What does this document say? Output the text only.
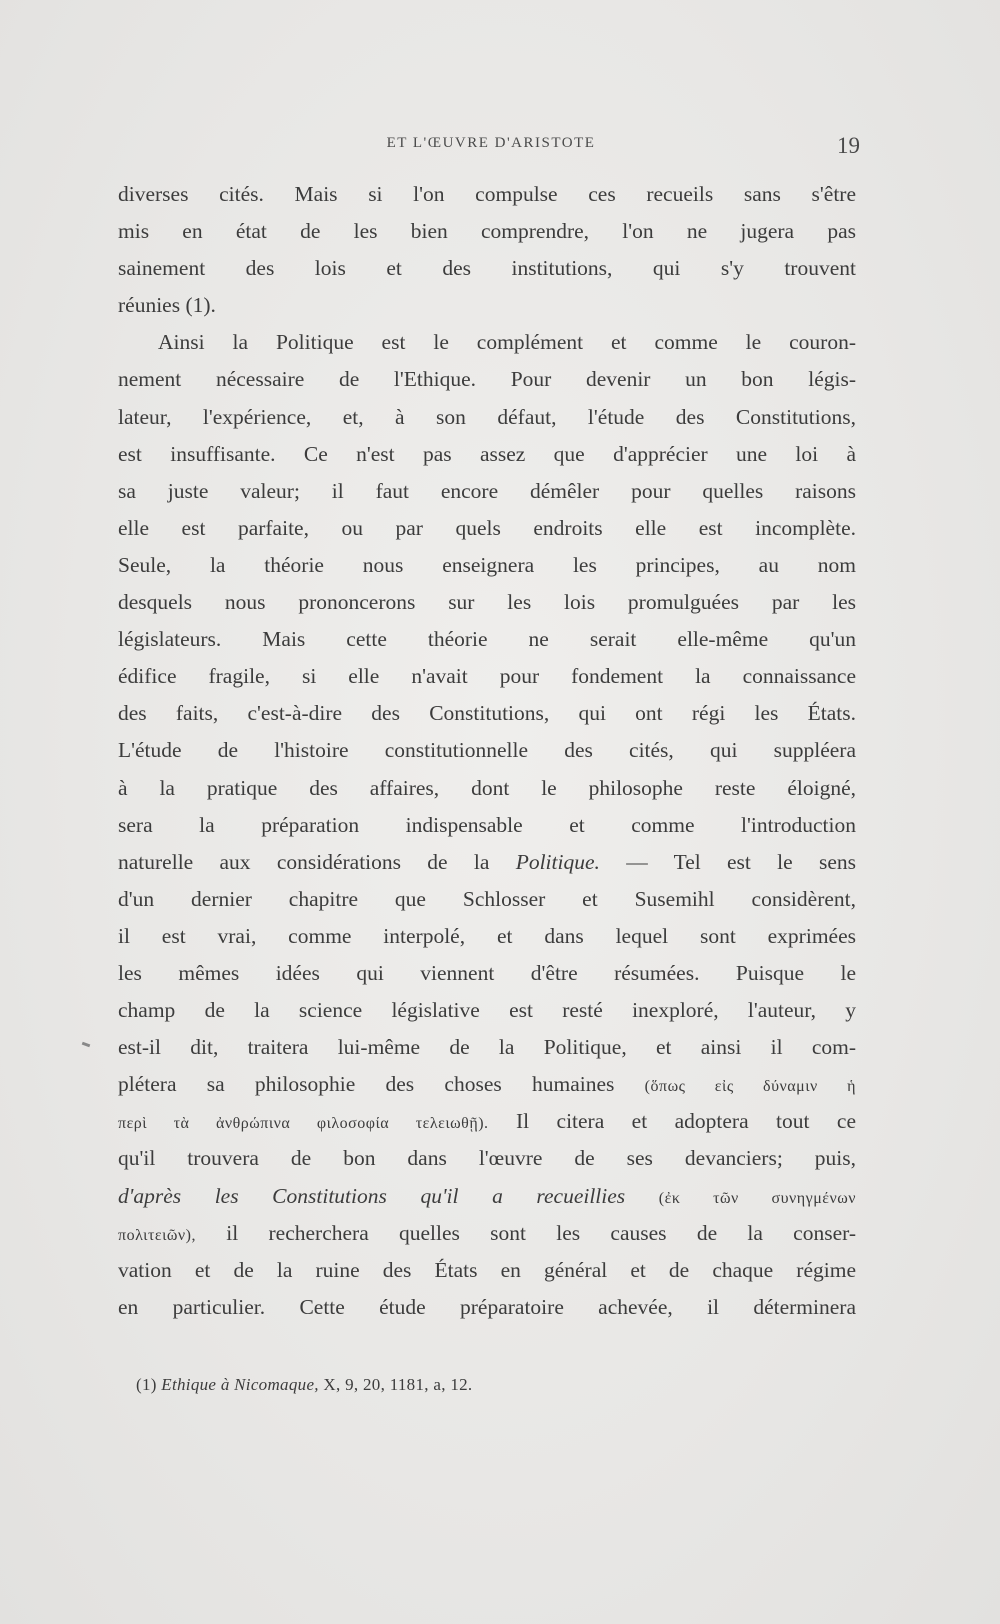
ET L'ŒUVRE D'ARISTOTE	19
diverses cités. Mais si l'on compulse ces recueils sans s'être
mis en état de les bien comprendre, l'on ne jugera pas
sainement des lois et des institutions, qui s'y trouvent
réunies (1).
Ainsi la Politique est le complément et comme le couron-
nement nécessaire de l'Ethique. Pour devenir un bon légis-
lateur, l'expérience, et, à son défaut, l'étude des Constitutions,
est insuffisante. Ce n'est pas assez que d'apprécier une loi à
sa juste valeur; il faut encore démêler pour quelles raisons
elle est parfaite, ou par quels endroits elle est incomplète.
Seule, la théorie nous enseignera les principes, au nom
desquels nous prononcerons sur les lois promulguées par les
législateurs. Mais cette théorie ne serait elle-même qu'un
édifice fragile, si elle n'avait pour fondement la connaissance
des faits, c'est-à-dire des Constitutions, qui ont régi les États.
L'étude de l'histoire constitutionnelle des cités, qui suppléera
à la pratique des affaires, dont le philosophe reste éloigné,
sera la préparation indispensable et comme l'introduction
naturelle aux considérations de la Politique. — Tel est le sens
d'un dernier chapitre que Schlosser et Susemihl considèrent,
il est vrai, comme interpolé, et dans lequel sont exprimées
les mêmes idées qui viennent d'être résumées. Puisque le
champ de la science législative est resté inexploré, l'auteur, y
est-il dit, traitera lui-même de la Politique, et ainsi il com-
plétera sa philosophie des choses humaines (ὅπως εἰς δύναμιν ἡ
περὶ τὰ ἀνθρώπινα φιλοσοφία τελειωθῇ). Il citera et adoptera tout ce
qu'il trouvera de bon dans l'œuvre de ses devanciers; puis,
d'après les Constitutions qu'il a recueillies (ἐκ τῶν συνηγμένων
πολιτειῶν), il recherchera quelles sont les causes de la conser-
vation et de la ruine des États en général et de chaque régime
en particulier. Cette étude préparatoire achevée, il déterminera
(1) Ethique à Nicomaque, X, 9, 20, 1181, a, 12.
